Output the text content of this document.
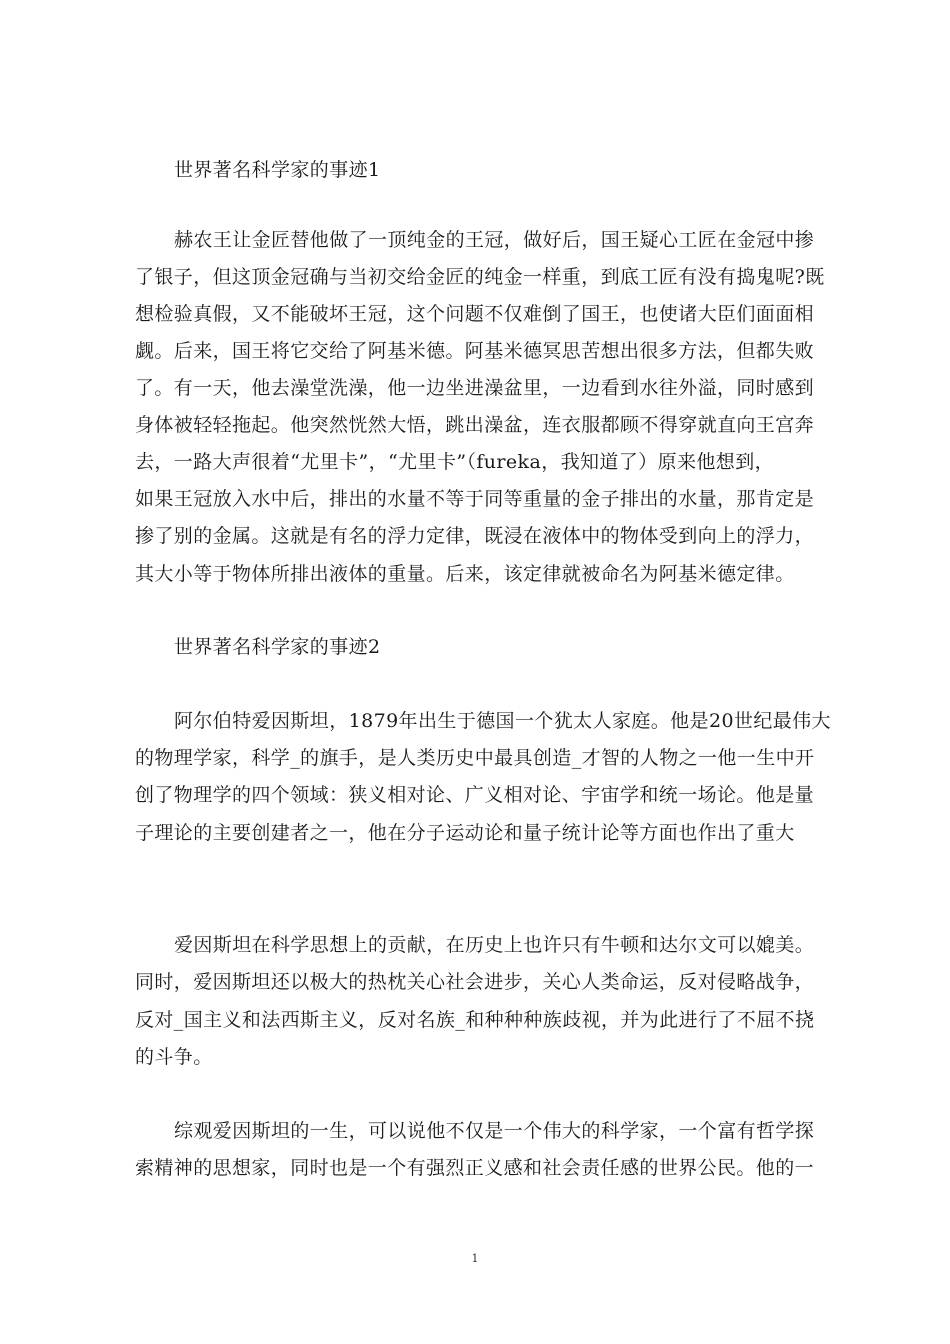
世界著名科学家的事迹1
赫农王让金匠替他做了一顶纯金的王冠，做好后，国王疑心工匠在金冠中掺
了银子，但这顶金冠确与当初交给金匠的纯金一样重，到底工匠有没有捣鬼呢?既
想检验真假，又不能破坏王冠，这个问题不仅难倒了国王，也使诸大臣们面面相
觑。后来，国王将它交给了阿基米德。阿基米德冥思苦想出很多方法，但都失败
了。有一天，他去澡堂洗澡，他一边坐进澡盆里，一边看到水往外溢，同时感到
身体被轻轻拖起。他突然恍然大悟，跳出澡盆，连衣服都顾不得穿就直向王宫奔
去，一路大声很着“尤里卡”，“尤里卡”（fureka，我知道了）原来他想到，
如果王冠放入水中后，排出的水量不等于同等重量的金子排出的水量，那肯定是
掺了别的金属。这就是有名的浮力定律，既浸在液体中的物体受到向上的浮力，
其大小等于物体所排出液体的重量。后来，该定律就被命名为阿基米德定律。
世界著名科学家的事迹2
阿尔伯特爱因斯坦，1879年出生于德国一个犹太人家庭。他是20世纪最伟大
的物理学家，科学_的旗手，是人类历史中最具创造_才智的人物之一他一生中开
创了物理学的四个领域：狭义相对论、广义相对论、宇宙学和统一场论。他是量
子理论的主要创建者之一，他在分子运动论和量子统计论等方面也作出了重大
爱因斯坦在科学思想上的贡献，在历史上也许只有牛顿和达尔文可以媲美。
同时，爱因斯坦还以极大的热枕关心社会进步，关心人类命运，反对侵略战争，
反对_国主义和法西斯主义，反对名族_和种种种族歧视，并为此进行了不屈不挠
的斗争。
综观爱因斯坦的一生，可以说他不仅是一个伟大的科学家，一个富有哲学探
索精神的思想家，同时也是一个有强烈正义感和社会责任感的世界公民。他的一
1
